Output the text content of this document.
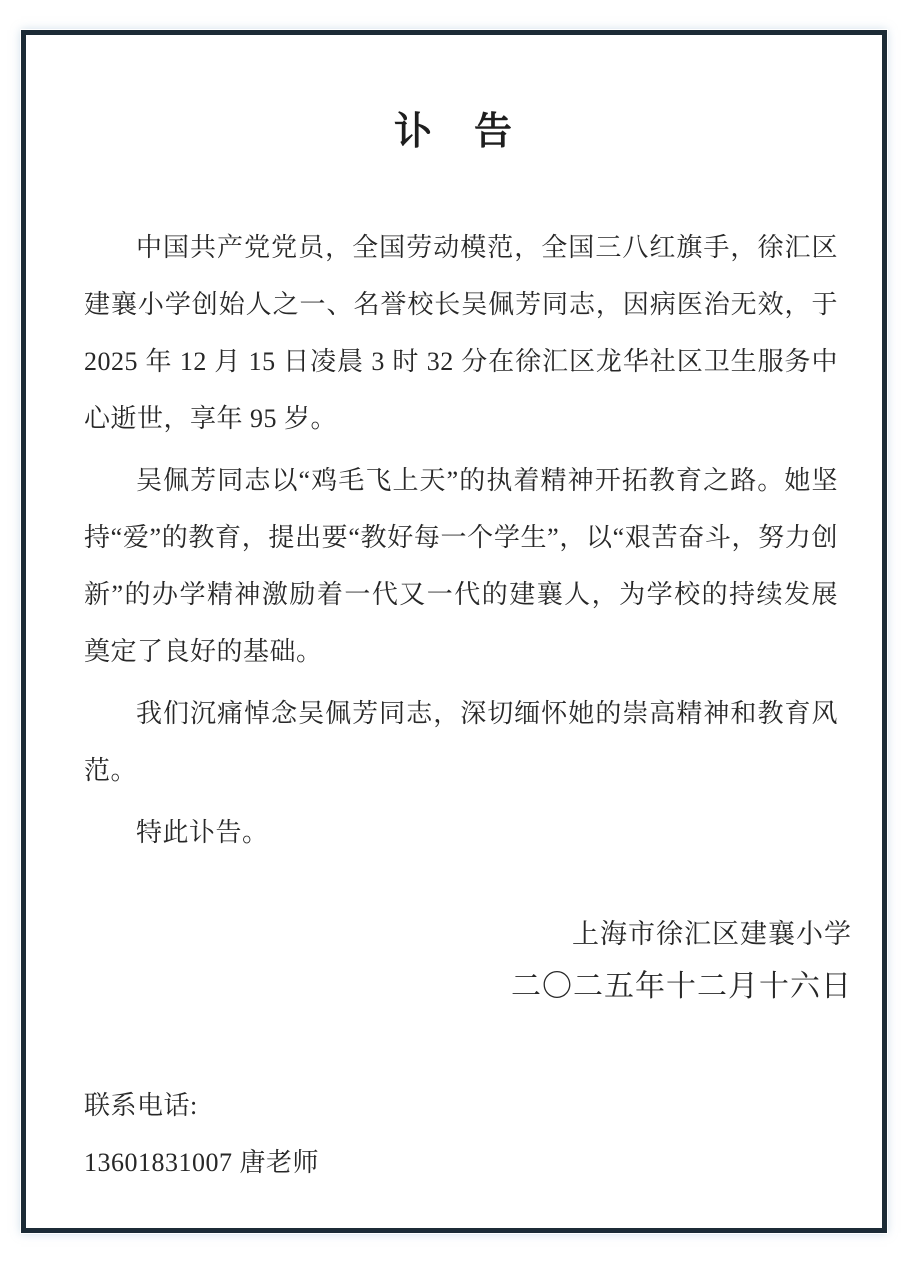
讣　告

中国共产党党员，全国劳动模范，全国三八红旗手，徐汇区建襄小学创始人之一、名誉校长吴佩芳同志，因病医治无效，于 2025 年 12 月 15 日凌晨 3 时 32 分在徐汇区龙华社区卫生服务中心逝世，享年 95 岁。

吴佩芳同志以“鸡毛飞上天”的执着精神开拓教育之路。她坚持“爱”的教育，提出要“教好每一个学生”，以“艰苦奋斗，努力创新”的办学精神激励着一代又一代的建襄人，为学校的持续发展奠定了良好的基础。

我们沉痛悼念吴佩芳同志，深切缅怀她的崇高精神和教育风范。

特此讣告。

上海市徐汇区建襄小学
二〇二五年十二月十六日
联系电话:
13601831007 唐老师
